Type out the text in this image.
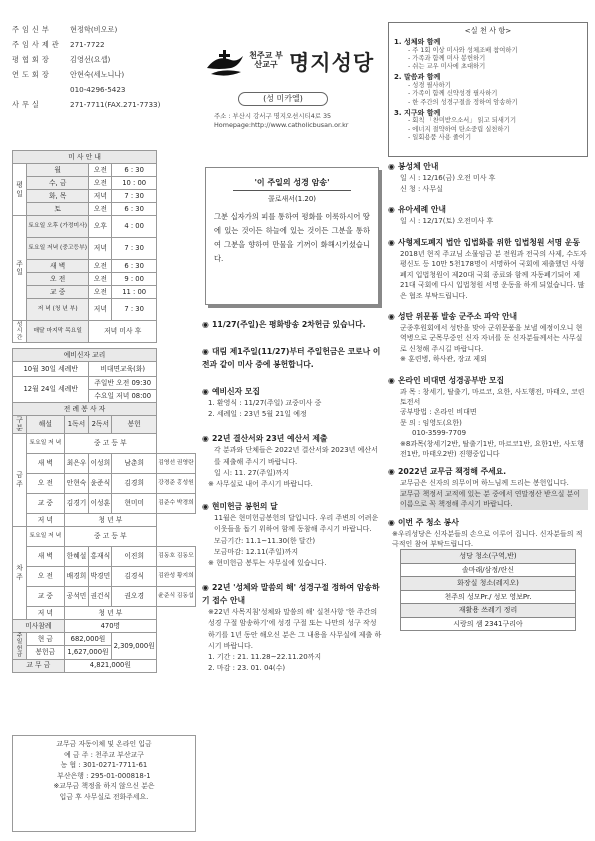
주임신부	현정학(비오로)
주임사제관	271-7722
평협회장	김영선(요셉)
연도회장	안현숙(세노니나)
010-4296-5423
사무실	271-7711(FAX.271-7733)
천주교 부산교구 명지성당
(성 미카엘)
주소 : 부산시 강서구 명지오션시티4로 35
Homepage:http://www.catholicbusan.or.kr
<실 천 사 항>
1. 성체와 함께
- 주 1회 이상 미사와 성체조배 참여하기
- 가족과 함께 미사 봉헌하기
- 쉬는 교우 미사에 초대하기
2. 말씀과 함께
- 성경 필사하기
- 가족이 함께 신약성경 필사하기
- 한 주간의 성경구절을 정하여 암송하기
3. 지구와 함께
- 회칙 「찬미받으소서」 읽고 되새기기
- 에너지 절약하여 탄소중립 실천하기
- 일회용품 사용 줄이기
미 사 안 내					
평일	월		오전	6 : 30	
	수, 금		오전	10 : 00	
	화, 목		저녁	7 : 30	
	토		오전	6 : 30	
주일	토요일 오후 (가정미사)		오후	4 : 00	
	토요일 저녁 (중고등부)		저녁	7 : 30	
	새 벽		오전	6 : 30	
	오 전		오전	9 : 00	
	교 중		오전	11 : 00	
	저 녁 (청 년 부)		저녁	7 : 30	
성시간	매달 마지막 목요일		저녁 미사 후		

예비신자 교리					
10월 30일 세례반			비대면교육(화)		
12월 24일 세례반			주일반 오전 09:30		
			수요일 저녁 08:00		
전 례 봉 사 자					
구분	해설	1독서	2독서	봉헌	
금 주	토요일 저 녁	중 고 등 부			
	새 벽	최은우	이성희	남춘희	김영선 권영란
	오 전	안현숙	윤준식	김경희	강경준 홍성원
	교 중	김경기	이성훈	현미미	김준수 박경희
	저 녁	청 년 부			
차 주	토요일 저 녁	중 고 등 부			
	새 벽	한혜설	홍재식	이진희	김동호 김동모
	오 전	배경희	박경민	김경식	김완성 황지희
	교 중	공석민	권건식	권오경	윤준식 김동섭
	저 녁	청 년 부			
미사참례		470명			
주일헌금	현 금	682,000원		2,309,000원	
	봉헌금	1,627,000원			
교 무 금		4,821,000원			
교무금 자동이체 및 온라인 입금
예 금 주 : 천주교 부산교구
농 협 : 301-0271-7711-61
부산은행 : 295-01-000818-1
※교무금 책정을 하지 않으신 분은
입금 후 사무실로 전화주세요.
'이 주일의 성경 암송'
콜로새서(1.20)
그분 십자가의 피를 통하여 평화를 이룩하시어 땅에 있는 것이든 하늘에 있는 것이든 그분을 통하여 그분을 향하여 만물을 기꺼이 화해시키셨습니다.
◉ 11/27(주일)은 평화방송 2차헌금 있습니다.
◉ 대림 제1주일(11/27)부터 주일헌금은 코로나 이전과 같이 미사 중에 봉헌합니다.
◉ 예비신자 모집
1. 환영식 : 11/27(주일) 교중미사 중
2. 세례일 : 23년 5월 21일 예정
◉ 22년 결산서와 23년 예산서 제출
각 분과와 단체들은 2022년 결산서와 2023년 예산서를 제출해 주시기 바랍니다.
일 시: 11. 27(주일)까지
※ 사무실로 내어 주시기 바랍니다.
◉ 현미헌금 봉헌의 달
11월은 현미헌금봉헌의 달입니다. 우리 주변의 어려운 이웃들을 돕기 위하여 함께 동참해 주시기 바랍니다.
모금기간: 11.1~11.30(한 달간)
모금마감: 12.11(주일)까지
※ 현미헌금 봉투는 사무실에 있습니다.
◉ 22년 '성체와 말씀의 해' 성경구절 정하여 암송하기 접수 안내
※22년 사목지침'성체와 말씀의 해' 실천사항 '한 주간의 성경 구절 암송하기'에 성경 구절 또는 나만의 성구 작성하기를 1년 동안 해오신 분은 그 내용을 사무실에 제출 하시기 바랍니다.
1. 기간 : 21. 11.28~22.11.20까지
2. 마감 : 23. 01. 04(수)
◉ 봉성체 안내
일 시 : 12/16(금) 오전 미사 후
신 청 : 사무실
◉ 유아세례 안내
일 시 : 12/17(토) 오전미사 후
◉ 사형제도폐지 법안 입법화를 위한 입법청원 서명 운동
2018년 현직 주교님 소물임금 분 전원과 전국의 사제, 수도자 평신도 등 10만 5천178명이 서명하여 국회에 제출했던 사형폐지 입법청원이 제20대 국회 종료와 함께 자동폐기되어 제21대 국회에 다시 입법청원 서명 운동을 하게 되었습니다. 많은 협조 부탁드립니다.
◉ 성탄 위문품 발송 군주소 파악 안내
군종후원회에서 성탄을 맞아 군위문품을 보낼 예정이오니 현역병으로 군목무중인 신자 자녀를 둔 신자분들께서는 사무실로 신청해 주시길 바랍니다.
※ 훈련병, 하사관, 장교 제외
◉ 온라인 비대면 성경공부반 모집
과 목 : 창세기, 탈출기, 마르코, 요한, 사도행전, 마태오, 코린토전서
공부방법 : 온라인 비대면
문 의 : 임영도(요한)
010-3599-7709
※8과목(창세기2반, 탈출기1반, 마르코1반, 요한1반, 사도행전1반, 마태오2반) 진행중입니다
◉ 2022년 교무금 책정해 주세요.
교무금은 신자의 의무이며 하느님께 드리는 봉헌입니다.
교무금 책정서 교적에 있는 분 중에서 연말정산 받으실 분이 이름으로 꼭 책정해 주시기 바랍니다.
◉ 이번 주 청소 봉사
※우리성당은 신자분들의 손으로 이루어 집니다. 신자분들의 적극적인 참여 부탁드립니다.
성당 청소(구역,반)
솔마래/삼정/란신
화장실 청소(레지오)
천주의 성모Pr./ 성모 영보Pr.
재활용 쓰레기 정리
시랑의 샘 2341구리아
